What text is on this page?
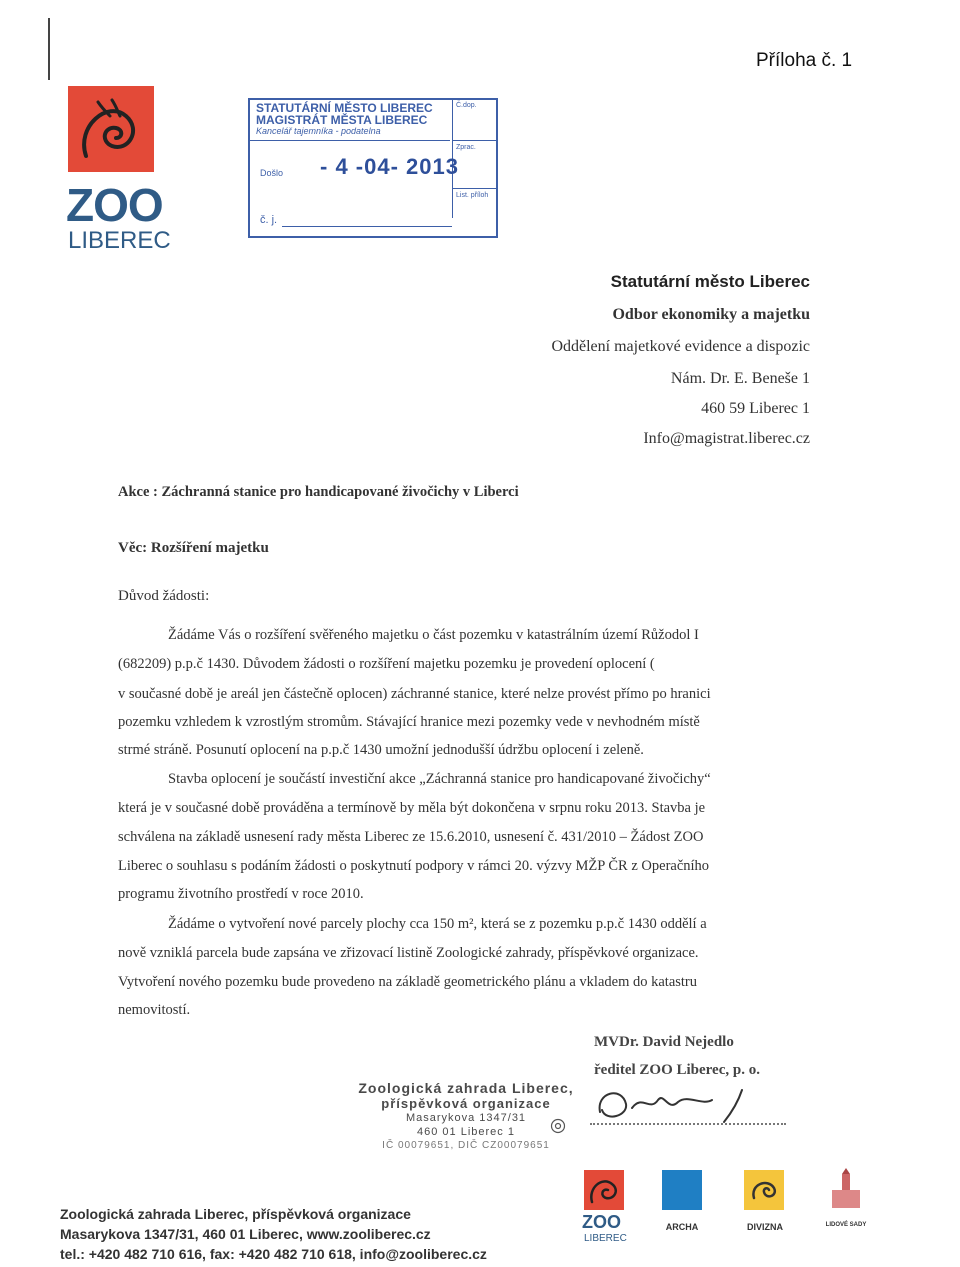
Příloha č. 1
ZOO
LIBEREC
STATUTÁRNÍ MĚSTO LIBEREC
MAGISTRÁT MĚSTA LIBEREC
Kancelář tajemníka - podatelna
Č.dop.
Zprac.
List. příloh
Došlo - 4 -04- 2013
č. j.
Statutární město Liberec
Odbor ekonomiky a majetku
Oddělení majetkové evidence a dispozic
Nám. Dr. E. Beneše 1
460 59 Liberec 1
Info@magistrat.liberec.cz
Akce : Záchranná stanice pro handicapované živočichy v Liberci
Věc: Rozšíření majetku
Důvod žádosti:
Žádáme Vás o rozšíření svěřeného majetku o část pozemku v katastrálním území Růžodol I
(682209) p.p.č 1430. Důvodem žádosti o rozšíření majetku pozemku je provedení oplocení (
v současné době je areál jen částečně oplocen) záchranné stanice, které nelze provést přímo po hranici
pozemku vzhledem k vzrostlým stromům. Stávající hranice mezi pozemky vede v nevhodném místě
strmé stráně. Posunutí oplocení na p.p.č 1430 umožní jednodušší údržbu oplocení i zeleně.
Stavba oplocení je součástí investiční akce „Záchranná stanice pro handicapované živočichy“
která je v současné době prováděna a termínově by měla být dokončena v srpnu roku 2013. Stavba je
schválena na základě usnesení rady města Liberec ze 15.6.2010, usnesení č. 431/2010 – Žádost ZOO
Liberec o souhlasu s podáním žádosti o poskytnutí podpory v rámci 20. výzvy MŽP ČR z Operačního
programu životního prostředí v roce 2010.
Žádáme o vytvoření nové parcely plochy cca 150 m², která se z pozemku p.p.č 1430 oddělí a
nově vzniklá parcela bude zapsána ve zřizovací listině Zoologické zahrady, příspěvkové organizace.
Vytvoření nového pozemku bude provedeno na základě geometrického plánu a vkladem do katastru
nemovitostí.
MVDr. David Nejedlo
ředitel ZOO Liberec, p. o.
Zoologická zahrada Liberec,
příspěvková organizace
Masarykova 1347/31
460 01 Liberec 1
IČ 00079651, DIČ CZ00079651
Zoologická zahrada Liberec, příspěvková organizace
Masarykova 1347/31, 460 01 Liberec, www.zooliberec.cz
tel.: +420 482 710 616, fax: +420 482 710 618, info@zooliberec.cz
ZOO
LIBEREC
ARCHA	DIVIZNA	LIDOVÉ SADY
